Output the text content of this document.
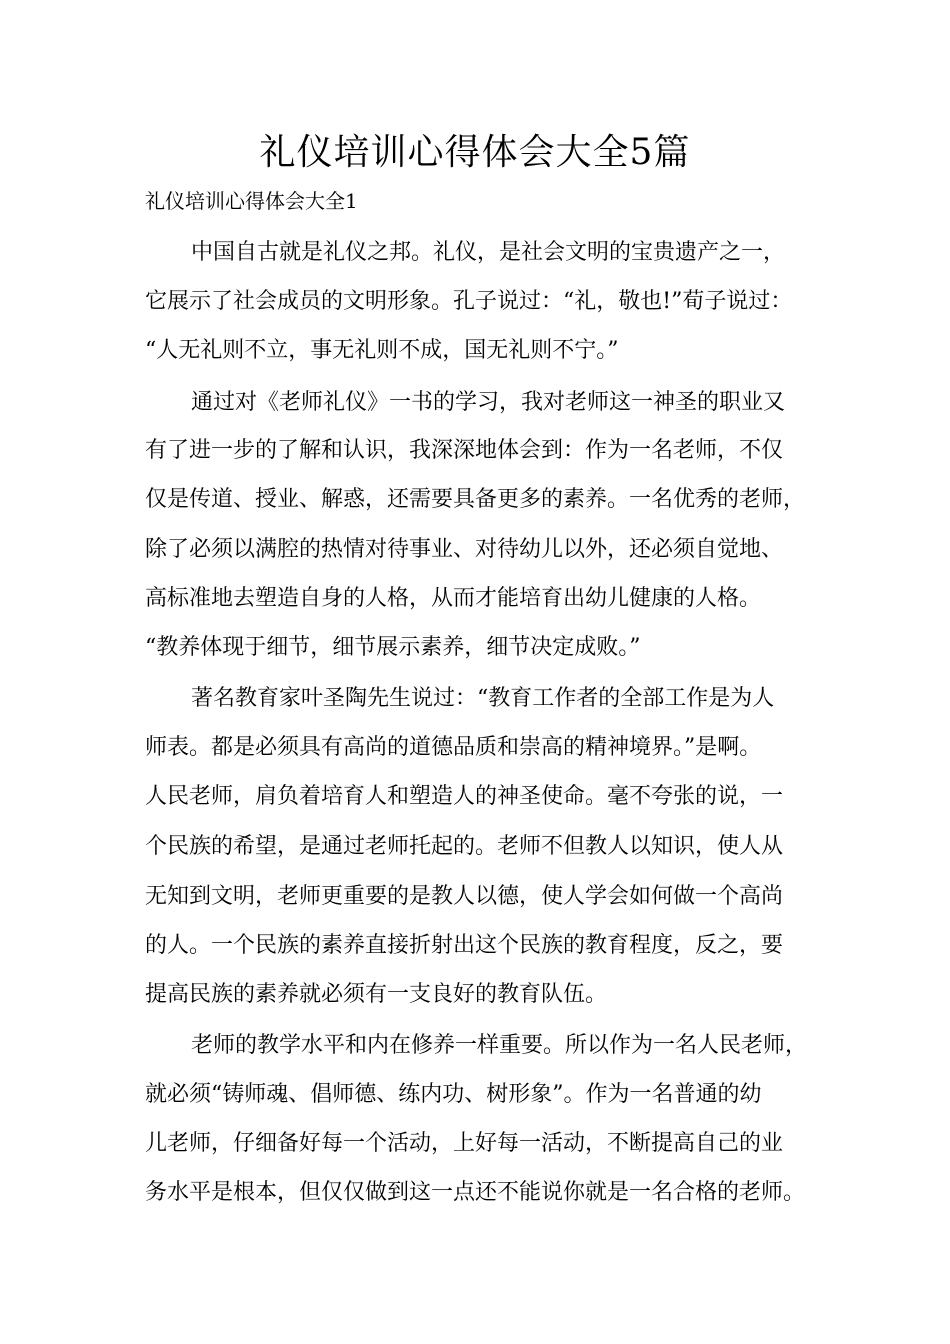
礼仪培训心得体会大全5篇
礼仪培训心得体会大全1

中国自古就是礼仪之邦。礼仪，是社会文明的宝贵遗产之一，

它展示了社会成员的文明形象。孔子说过：“礼，敬也!”荀子说过：

“人无礼则不立，事无礼则不成，国无礼则不宁。”

通过对《老师礼仪》一书的学习，我对老师这一神圣的职业又

有了进一步的了解和认识，我深深地体会到：作为一名老师，不仅

仅是传道、授业、解惑，还需要具备更多的素养。一名优秀的老师，

除了必须以满腔的热情对待事业、对待幼儿以外，还必须自觉地、

高标准地去塑造自身的人格，从而才能培育出幼儿健康的人格。

“教养体现于细节，细节展示素养，细节决定成败。”

著名教育家叶圣陶先生说过：“教育工作者的全部工作是为人

师表。都是必须具有高尚的道德品质和崇高的精神境界。”是啊。

人民老师，肩负着培育人和塑造人的神圣使命。毫不夸张的说，一

个民族的希望，是通过老师托起的。老师不但教人以知识，使人从

无知到文明，老师更重要的是教人以德，使人学会如何做一个高尚

的人。一个民族的素养直接折射出这个民族的教育程度，反之，要

提高民族的素养就必须有一支良好的教育队伍。

老师的教学水平和内在修养一样重要。所以作为一名人民老师，

就必须“铸师魂、倡师德、练内功、树形象”。作为一名普通的幼

儿老师，仔细备好每一个活动，上好每一活动，不断提高自己的业

务水平是根本，但仅仅做到这一点还不能说你就是一名合格的老师。
